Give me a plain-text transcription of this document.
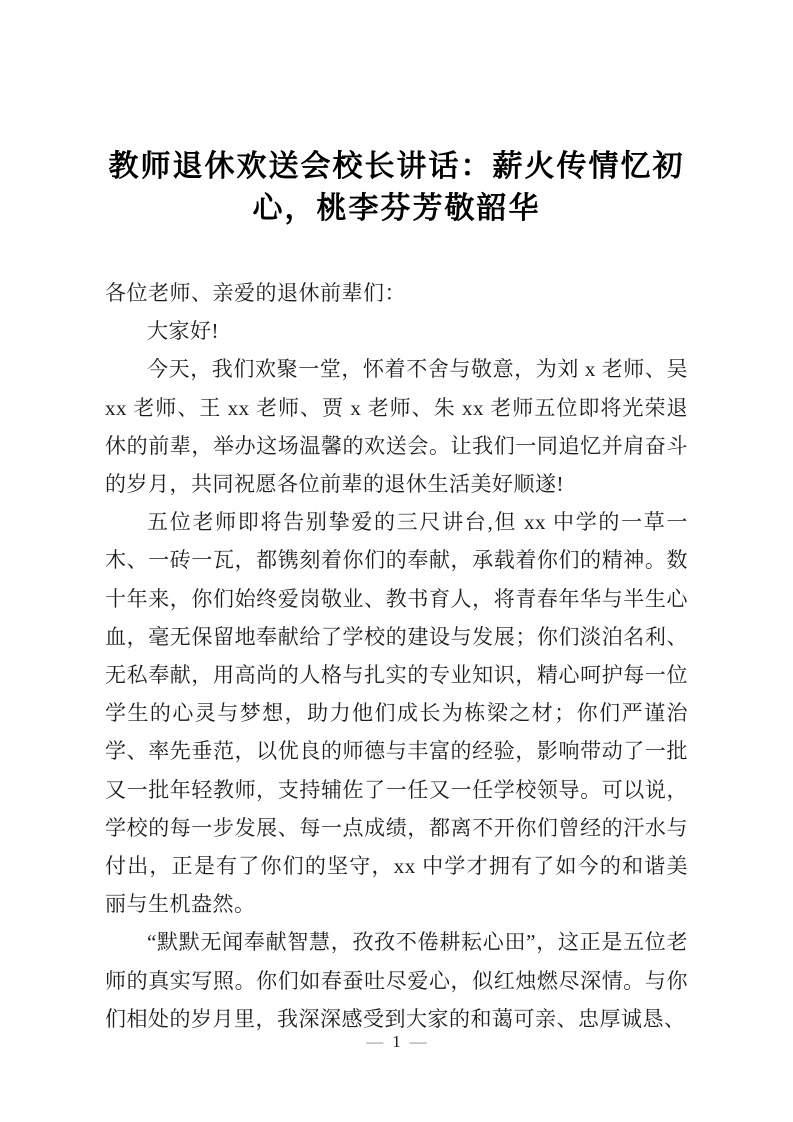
教师退休欢送会校长讲话：薪火传情忆初
心，桃李芬芳敬韶华

各位老师、亲爱的退休前辈们：

大家好!

今天，我们欢聚一堂，怀着不舍与敬意，为刘 x 老师、吴 xx 老师、王 xx 老师、贾 x 老师、朱 xx 老师五位即将光荣退休的前辈，举办这场温馨的欢送会。让我们一同追忆并肩奋斗的岁月，共同祝愿各位前辈的退休生活美好顺遂!

五位老师即将告别挚爱的三尺讲台,但 xx 中学的一草一木、一砖一瓦，都镌刻着你们的奉献，承载着你们的精神。数十年来，你们始终爱岗敬业、教书育人，将青春年华与半生心血，毫无保留地奉献给了学校的建设与发展；你们淡泊名利、无私奉献，用高尚的人格与扎实的专业知识，精心呵护每一位学生的心灵与梦想，助力他们成长为栋梁之材；你们严谨治学、率先垂范，以优良的师德与丰富的经验，影响带动了一批又一批年轻教师，支持辅佐了一任又一任学校领导。可以说，学校的每一步发展、每一点成绩，都离不开你们曾经的汗水与付出，正是有了你们的坚守，xx 中学才拥有了如今的和谐美丽与生机盎然。

“默默无闻奉献智慧，孜孜不倦耕耘心田”，这正是五位老师的真实写照。你们如春蚕吐尽爱心，似红烛燃尽深情。与你们相处的岁月里，我深深感受到大家的和蔼可亲、忠厚诚恳、

— 1 —
